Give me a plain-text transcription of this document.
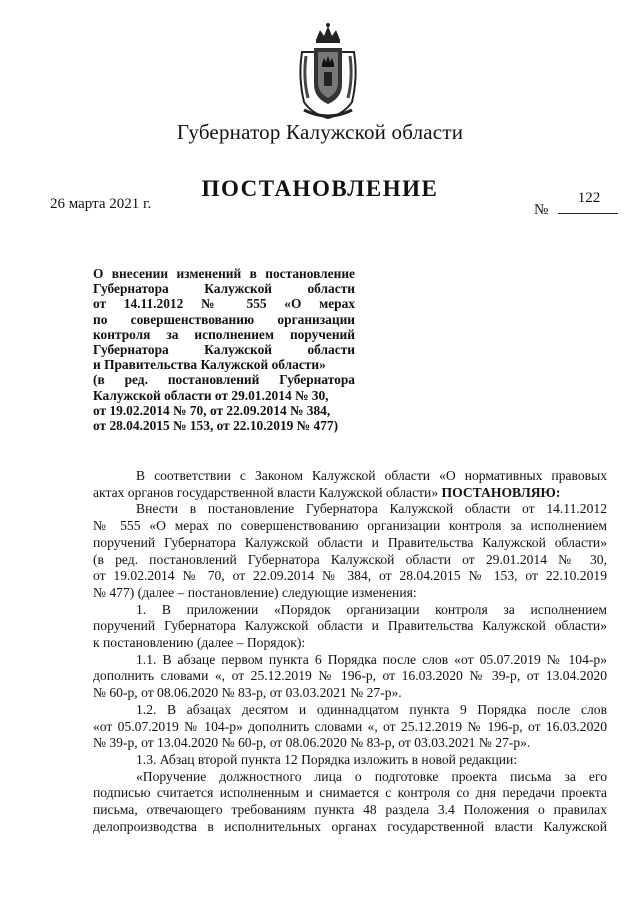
Губернатор Калужской области
ПОСТАНОВЛЕНИЕ
26 марта 2021 г.	№
122
О внесении изменений в постановление
Губернатора Калужской области
от 14.11.2012 № 555 «О мерах
по совершенствованию организации
контроля за исполнением поручений
Губернатора Калужской области
и Правительства Калужской области»
(в ред. постановлений Губернатора
Калужской области от 29.01.2014 № 30,
от 19.02.2014 № 70, от 22.09.2014 № 384,
от 28.04.2015 № 153, от 22.10.2019 № 477)
В соответствии с Законом Калужской области «О нормативных правовых
актах органов государственной власти Калужской области» ПОСТАНОВЛЯЮ:
Внести в постановление Губернатора Калужской области от 14.11.2012
№ 555 «О мерах по совершенствованию организации контроля за исполнением
поручений Губернатора Калужской области и Правительства Калужской области»
(в ред. постановлений Губернатора Калужской области от 29.01.2014 № 30,
от 19.02.2014 № 70, от 22.09.2014 № 384, от 28.04.2015 № 153, от 22.10.2019
№ 477) (далее – постановление) следующие изменения:
1. В приложении «Порядок организации контроля за исполнением
поручений Губернатора Калужской области и Правительства Калужской области»
к постановлению (далее – Порядок):
1.1. В абзаце первом пункта 6 Порядка после слов «от 05.07.2019 № 104-р»
дополнить словами «, от 25.12.2019 № 196-р, от 16.03.2020 № 39-р, от 13.04.2020
№ 60-р, от 08.06.2020 № 83-р, от 03.03.2021 № 27-р».
1.2. В абзацах десятом и одиннадцатом пункта 9 Порядка после слов
«от 05.07.2019 № 104-р» дополнить словами «, от 25.12.2019 № 196-р, от 16.03.2020
№ 39-р, от 13.04.2020 № 60-р, от 08.06.2020 № 83-р, от 03.03.2021 № 27-р».
1.3. Абзац второй пункта 12 Порядка изложить в новой редакции:
«Поручение должностного лица о подготовке проекта письма за его
подписью считается исполненным и снимается с контроля со дня передачи проекта
письма, отвечающего требованиям пункта 48 раздела 3.4 Положения о правилах
делопроизводства в исполнительных органах государственной власти Калужской
